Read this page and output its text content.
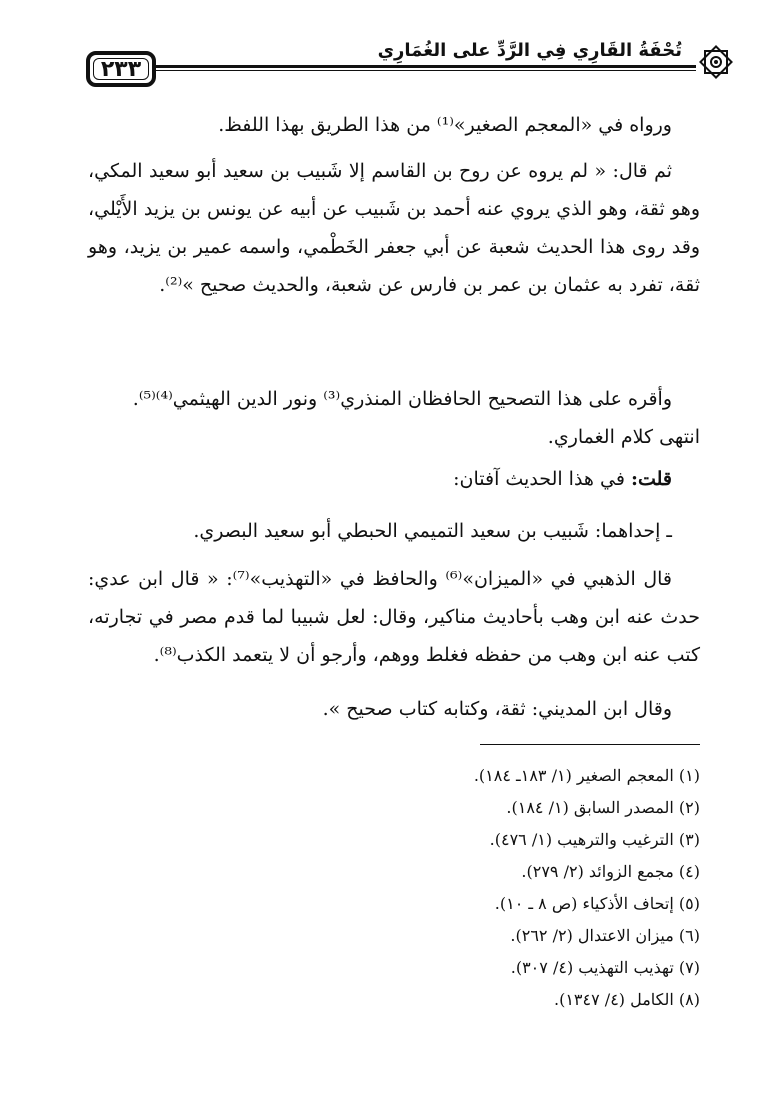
٢٣٣
تُحْفَةُ القَارِي فِي الرَّدِّ على الغُمَارِي

ورواه في «المعجم الصغير»⁽¹⁾ من هذا الطريق بهذا اللفظ.

ثم قال: « لم يروه عن روح بن القاسم إلا شَبيب بن سعيد أبو سعيد المكي، وهو ثقة، وهو الذي يروي عنه أحمد بن شَبيب عن أبيه عن يونس بن يزيد الأَيْلي، وقد روى هذا الحديث شعبة عن أبي جعفر الخَطْمي، واسمه عمير بن يزيد، وهو ثقة، تفرد به عثمان بن عمر بن فارس عن شعبة، والحديث صحيح »⁽²⁾.

وأقره على هذا التصحيح الحافظان المنذري⁽³⁾ ونور الدين الهيثمي⁽⁴⁾⁽⁵⁾.

انتهى كلام الغماري.

قلت: في هذا الحديث آفتان:

ـ إحداهما: شَبيب بن سعيد التميمي الحبطي أبو سعيد البصري.

قال الذهبي في «الميزان»⁽⁶⁾ والحافظ في «التهذيب»⁽⁷⁾: « قال ابن عدي: حدث عنه ابن وهب بأحاديث مناكير، وقال: لعل شبيبا لما قدم مصر في تجارته، كتب عنه ابن وهب من حفظه فغلط ووهم، وأرجو أن لا يتعمد الكذب⁽⁸⁾.

وقال ابن المديني: ثقة، وكتابه كتاب صحيح ».

(١) المعجم الصغير (١/ ١٨٣ـ ١٨٤).

(٢) المصدر السابق (١/ ١٨٤).

(٣) الترغيب والترهيب (١/ ٤٧٦).

(٤) مجمع الزوائد (٢/ ٢٧٩).

(٥) إتحاف الأذكياء (ص ٨ ـ ١٠).

(٦) ميزان الاعتدال (٢/ ٢٦٢).

(٧) تهذيب التهذيب (٤/ ٣٠٧).

(٨) الكامل (٤/ ١٣٤٧).
